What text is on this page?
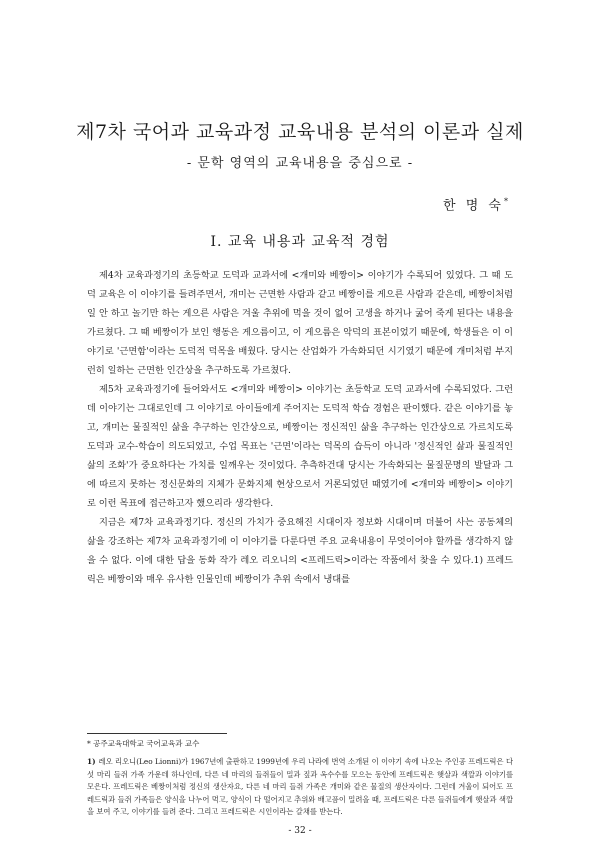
제7차 국어과 교육과정 교육내용 분석의 이론과 실제
- 문학 영역의 교육내용을 중심으로 -
한 명 숙*
Ⅰ. 교육 내용과 교육적 경험

제4차 교육과정기의 초등학교 도덕과 교과서에 <개미와 베짱이> 이야기가 수록되어 있었다. 그 때 도덕 교육은 이 이야기를 들려주면서, 개미는 근면한 사람과 같고 베짱이를 게으른 사람과 같은데, 베짱이처럼 일 안 하고 놀기만 하는 게으른 사람은 겨울 추위에 먹을 것이 없어 고생을 하거나 굶어 죽게 된다는 내용을 가르쳤다. 그 때 베짱이가 보인 행동은 게으름이고, 이 게으름은 악덕의 표본이었기 때문에, 학생들은 이 이야기로 '근면함'이라는 도덕적 덕목을 배웠다. 당시는 산업화가 가속화되던 시기였기 때문에 개미처럼 부지런히 일하는 근면한 인간상을 추구하도록 가르쳤다.

제5차 교육과정기에 들어와서도 <개미와 베짱이> 이야기는 초등학교 도덕 교과서에 수록되었다. 그런데 이야기는 그대로인데 그 이야기로 아이들에게 주어지는 도덕적 학습 경험은 판이했다. 같은 이야기를 놓고, 개미는 물질적인 삶을 추구하는 인간상으로, 베짱이는 정신적인 삶을 추구하는 인간상으로 가르치도록 도덕과 교수-학습이 의도되었고, 수업 목표는 '근면'이라는 덕목의 습득이 아니라 '정신적인 삶과 물질적인 삶의 조화'가 중요하다는 가치를 일깨우는 것이었다. 추측하건대 당시는 가속화되는 물질문명의 발달과 그에 따르지 못하는 정신문화의 지체가 문화지체 현상으로서 거론되었던 때였기에 <개미와 베짱이> 이야기로 이런 목표에 접근하고자 했으리라 생각한다.

지금은 제7차 교육과정기다. 정신의 가치가 중요해진 시대이자 정보화 시대이며 더불어 사는 공동체의 삶을 강조하는 제7차 교육과정기에 이 이야기를 다룬다면 주요 교육내용이 무엇이어야 할까를 생각하지 않을 수 없다. 이에 대한 답을 동화 작가 레오 리오니의 <프레드릭>이라는 작품에서 찾을 수 있다.1) 프레드릭은 베짱이와 매우 유사한 인물인데 베짱이가 추위 속에서 냉대를

* 공주교육대학교 국어교육과 교수
1) 레오 리오니(Leo Lionni)가 1967년에 출판하고 1999년에 우리 나라에 번역 소개된 이 이야기 속에 나오는 주인공 프레드릭은 다섯 마리 들쥐 가족 가운데 하나인데, 다른 네 마리의 들쥐들이 밀과 짚과 옥수수를 모으는 동안에 프레드릭은 햇살과 색깔과 이야기를 모은다. 프레드릭은 베짱이처럼 정신의 생산자요, 다른 네 마리 들쥐 가족은 개미와 같은 물질의 생산자이다. 그런데 겨울이 되어도 프레드릭과 들쥐 가족들은 양식을 나누어 먹고, 양식이 다 떨어지고 추위와 배고픔이 밀려올 때, 프레드릭은 다른 들쥐들에게 햇살과 색깔을 보여 주고, 이야기를 들려 준다. 그리고 프레드릭은 시인이라는 갈채를 받는다.
- 32 -
